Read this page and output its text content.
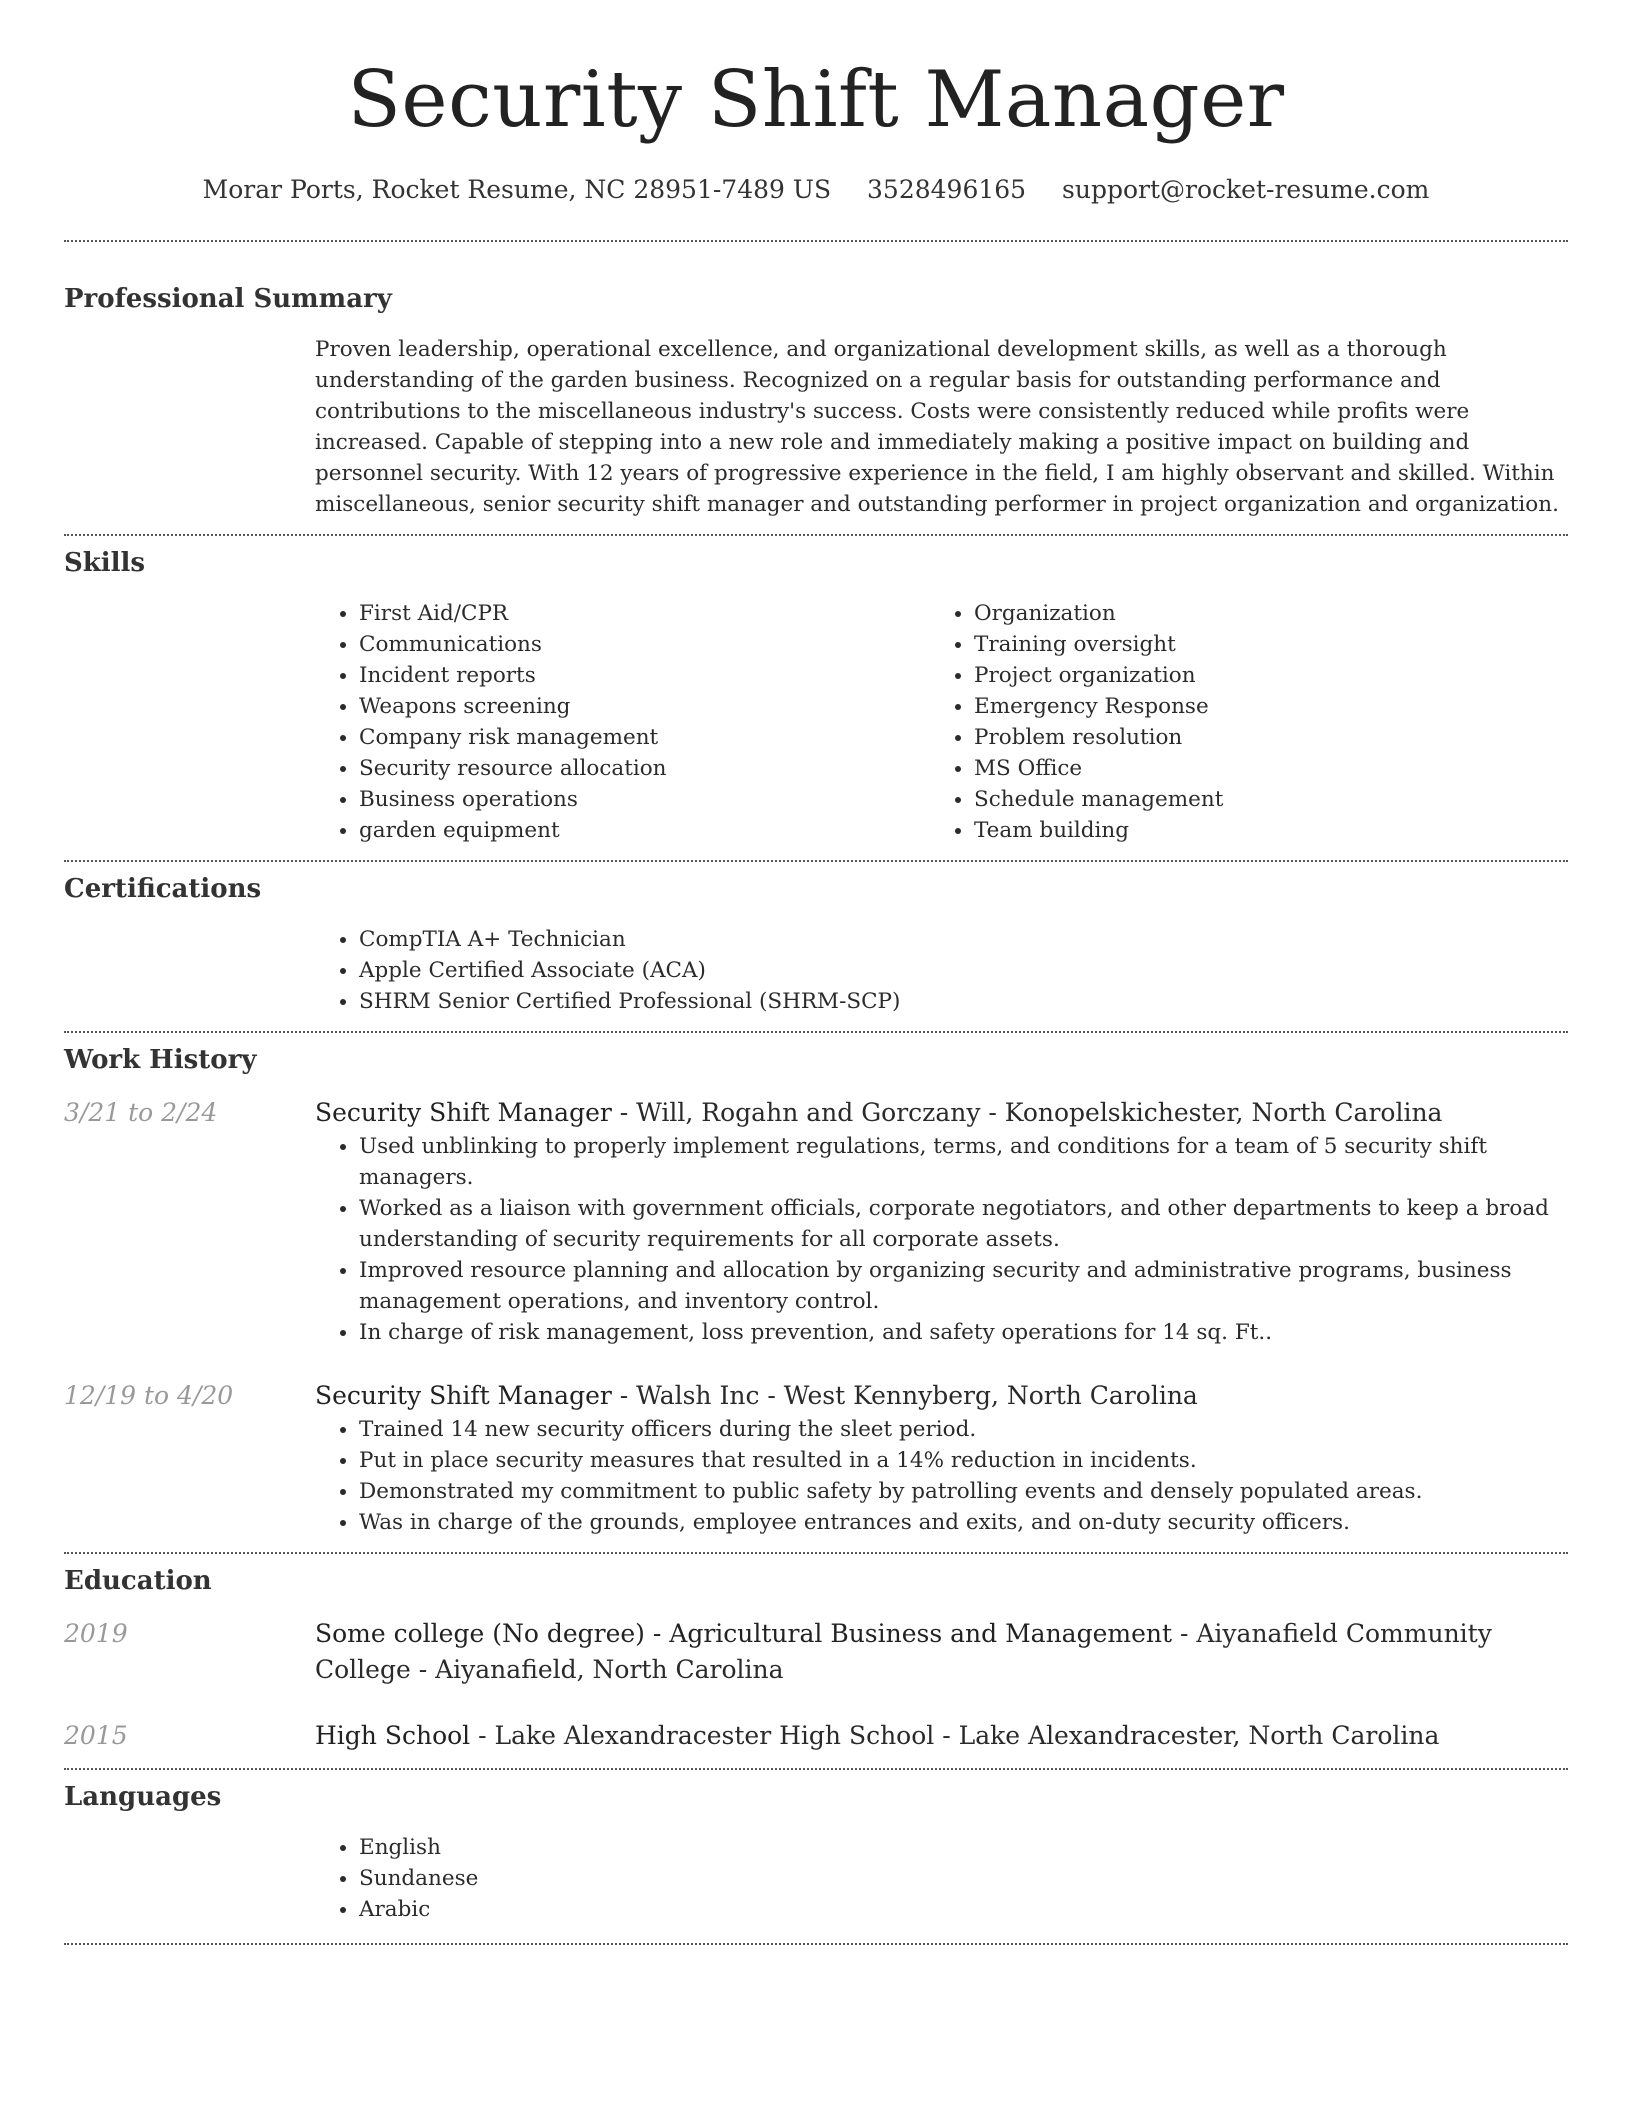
Security Shift Manager
Morar Ports, Rocket Resume, NC 28951-7489 US 3528496165 support@rocket-resume.com
Professional Summary
Proven leadership, operational excellence, and organizational development skills, as well as a thorough understanding of the garden business. Recognized on a regular basis for outstanding performance and contributions to the miscellaneous industry's success. Costs were consistently reduced while profits were increased. Capable of stepping into a new role and immediately making a positive impact on building and personnel security. With 12 years of progressive experience in the field, I am highly observant and skilled. Within miscellaneous, senior security shift manager and outstanding performer in project organization and organization.
Skills
• First Aid/CPR
• Communications
• Incident reports
• Weapons screening
• Company risk management
• Security resource allocation
• Business operations
• garden equipment
• Organization
• Training oversight
• Project organization
• Emergency Response
• Problem resolution
• MS Office
• Schedule management
• Team building
Certifications
• CompTIA A+ Technician
• Apple Certified Associate (ACA)
• SHRM Senior Certified Professional (SHRM-SCP)
Work History
3/21 to 2/24	Security Shift Manager - Will, Rogahn and Gorczany - Konopelskichester, North Carolina
• Used unblinking to properly implement regulations, terms, and conditions for a team of 5 security shift managers.
• Worked as a liaison with government officials, corporate negotiators, and other departments to keep a broad understanding of security requirements for all corporate assets.
• Improved resource planning and allocation by organizing security and administrative programs, business management operations, and inventory control.
• In charge of risk management, loss prevention, and safety operations for 14 sq. Ft..
12/19 to 4/20	Security Shift Manager - Walsh Inc - West Kennyberg, North Carolina
• Trained 14 new security officers during the sleet period.
• Put in place security measures that resulted in a 14% reduction in incidents.
• Demonstrated my commitment to public safety by patrolling events and densely populated areas.
• Was in charge of the grounds, employee entrances and exits, and on-duty security officers.
Education
2019	Some college (No degree) - Agricultural Business and Management - Aiyanafield Community College - Aiyanafield, North Carolina
2015	High School - Lake Alexandracester High School - Lake Alexandracester, North Carolina
Languages
• English
• Sundanese
• Arabic
